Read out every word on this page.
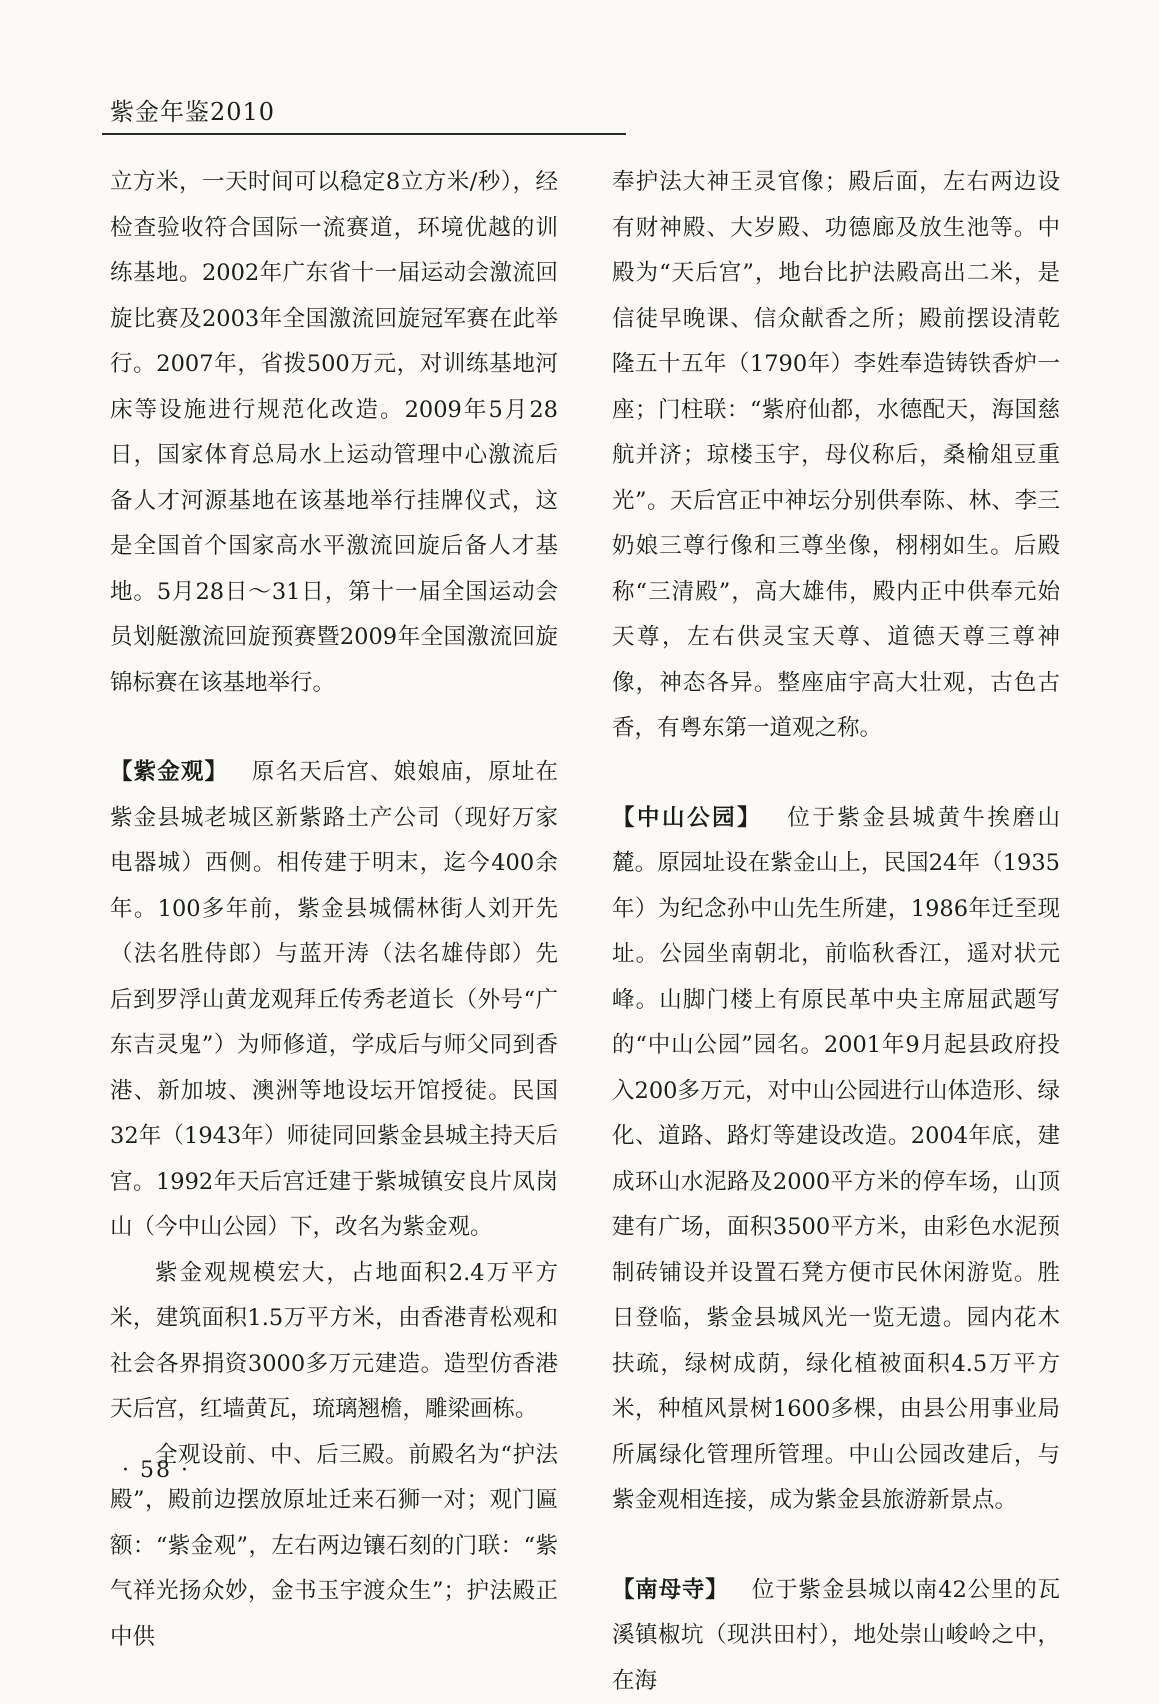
紫金年鉴2010

立方米，一天时间可以稳定8立方米/秒），经检查验收符合国际一流赛道，环境优越的训练基地。2002年广东省十一届运动会激流回旋比赛及2003年全国激流回旋冠军赛在此举行。2007年，省拨500万元，对训练基地河床等设施进行规范化改造。2009年5月28日，国家体育总局水上运动管理中心激流后备人才河源基地在该基地举行挂牌仪式，这是全国首个国家高水平激流回旋后备人才基地。5月28日～31日，第十一届全国运动会员划艇激流回旋预赛暨2009年全国激流回旋锦标赛在该基地举行。

【紫金观】  原名天后宫、娘娘庙，原址在紫金县城老城区新紫路土产公司（现好万家电器城）西侧。相传建于明末，迄今400余年。100多年前，紫金县城儒林街人刘开先（法名胜侍郎）与蓝开涛（法名雄侍郎）先后到罗浮山黄龙观拜丘传秀老道长（外号“广东吉灵鬼”）为师修道，学成后与师父同到香港、新加坡、澳洲等地设坛开馆授徒。民国32年（1943年）师徒同回紫金县城主持天后宫。1992年天后宫迁建于紫城镇安良片凤岗山（今中山公园）下，改名为紫金观。

紫金观规模宏大，占地面积2.4万平方米，建筑面积1.5万平方米，由香港青松观和社会各界捐资3000多万元建造。造型仿香港天后宫，红墙黄瓦，琉璃翘檐，雕梁画栋。

全观设前、中、后三殿。前殿名为“护法殿”，殿前边摆放原址迁来石狮一对；观门匾额：“紫金观”，左右两边镶石刻的门联：“紫气祥光扬众妙，金书玉宇渡众生”；护法殿正中供

奉护法大神王灵官像；殿后面，左右两边设有财神殿、大岁殿、功德廊及放生池等。中殿为“天后宫”，地台比护法殿高出二米，是信徒早晚课、信众献香之所；殿前摆设清乾隆五十五年（1790年）李姓奉造铸铁香炉一座；门柱联：“紫府仙都，水德配天，海国慈航并济；琼楼玉宇，母仪称后，桑榆俎豆重光”。天后宫正中神坛分别供奉陈、林、李三奶娘三尊行像和三尊坐像，栩栩如生。后殿称“三清殿”，高大雄伟，殿内正中供奉元始天尊，左右供灵宝天尊、道德天尊三尊神像，神态各异。整座庙宇高大壮观，古色古香，有粤东第一道观之称。

【中山公园】  位于紫金县城黄牛挨磨山麓。原园址设在紫金山上，民国24年（1935年）为纪念孙中山先生所建，1986年迁至现址。公园坐南朝北，前临秋香江，遥对状元峰。山脚门楼上有原民革中央主席屈武题写的“中山公园”园名。2001年9月起县政府投入200多万元，对中山公园进行山体造形、绿化、道路、路灯等建设改造。2004年底，建成环山水泥路及2000平方米的停车场，山顶建有广场，面积3500平方米，由彩色水泥预制砖铺设并设置石凳方便市民休闲游览。胜日登临，紫金县城风光一览无遗。园内花木扶疏，绿树成荫，绿化植被面积4.5万平方米，种植风景树1600多棵，由县公用事业局所属绿化管理所管理。中山公园改建后，与紫金观相连接，成为紫金县旅游新景点。

【南母寺】  位于紫金县城以南42公里的瓦溪镇椒坑（现洪田村），地处崇山峻岭之中，在海

· 58 ·
